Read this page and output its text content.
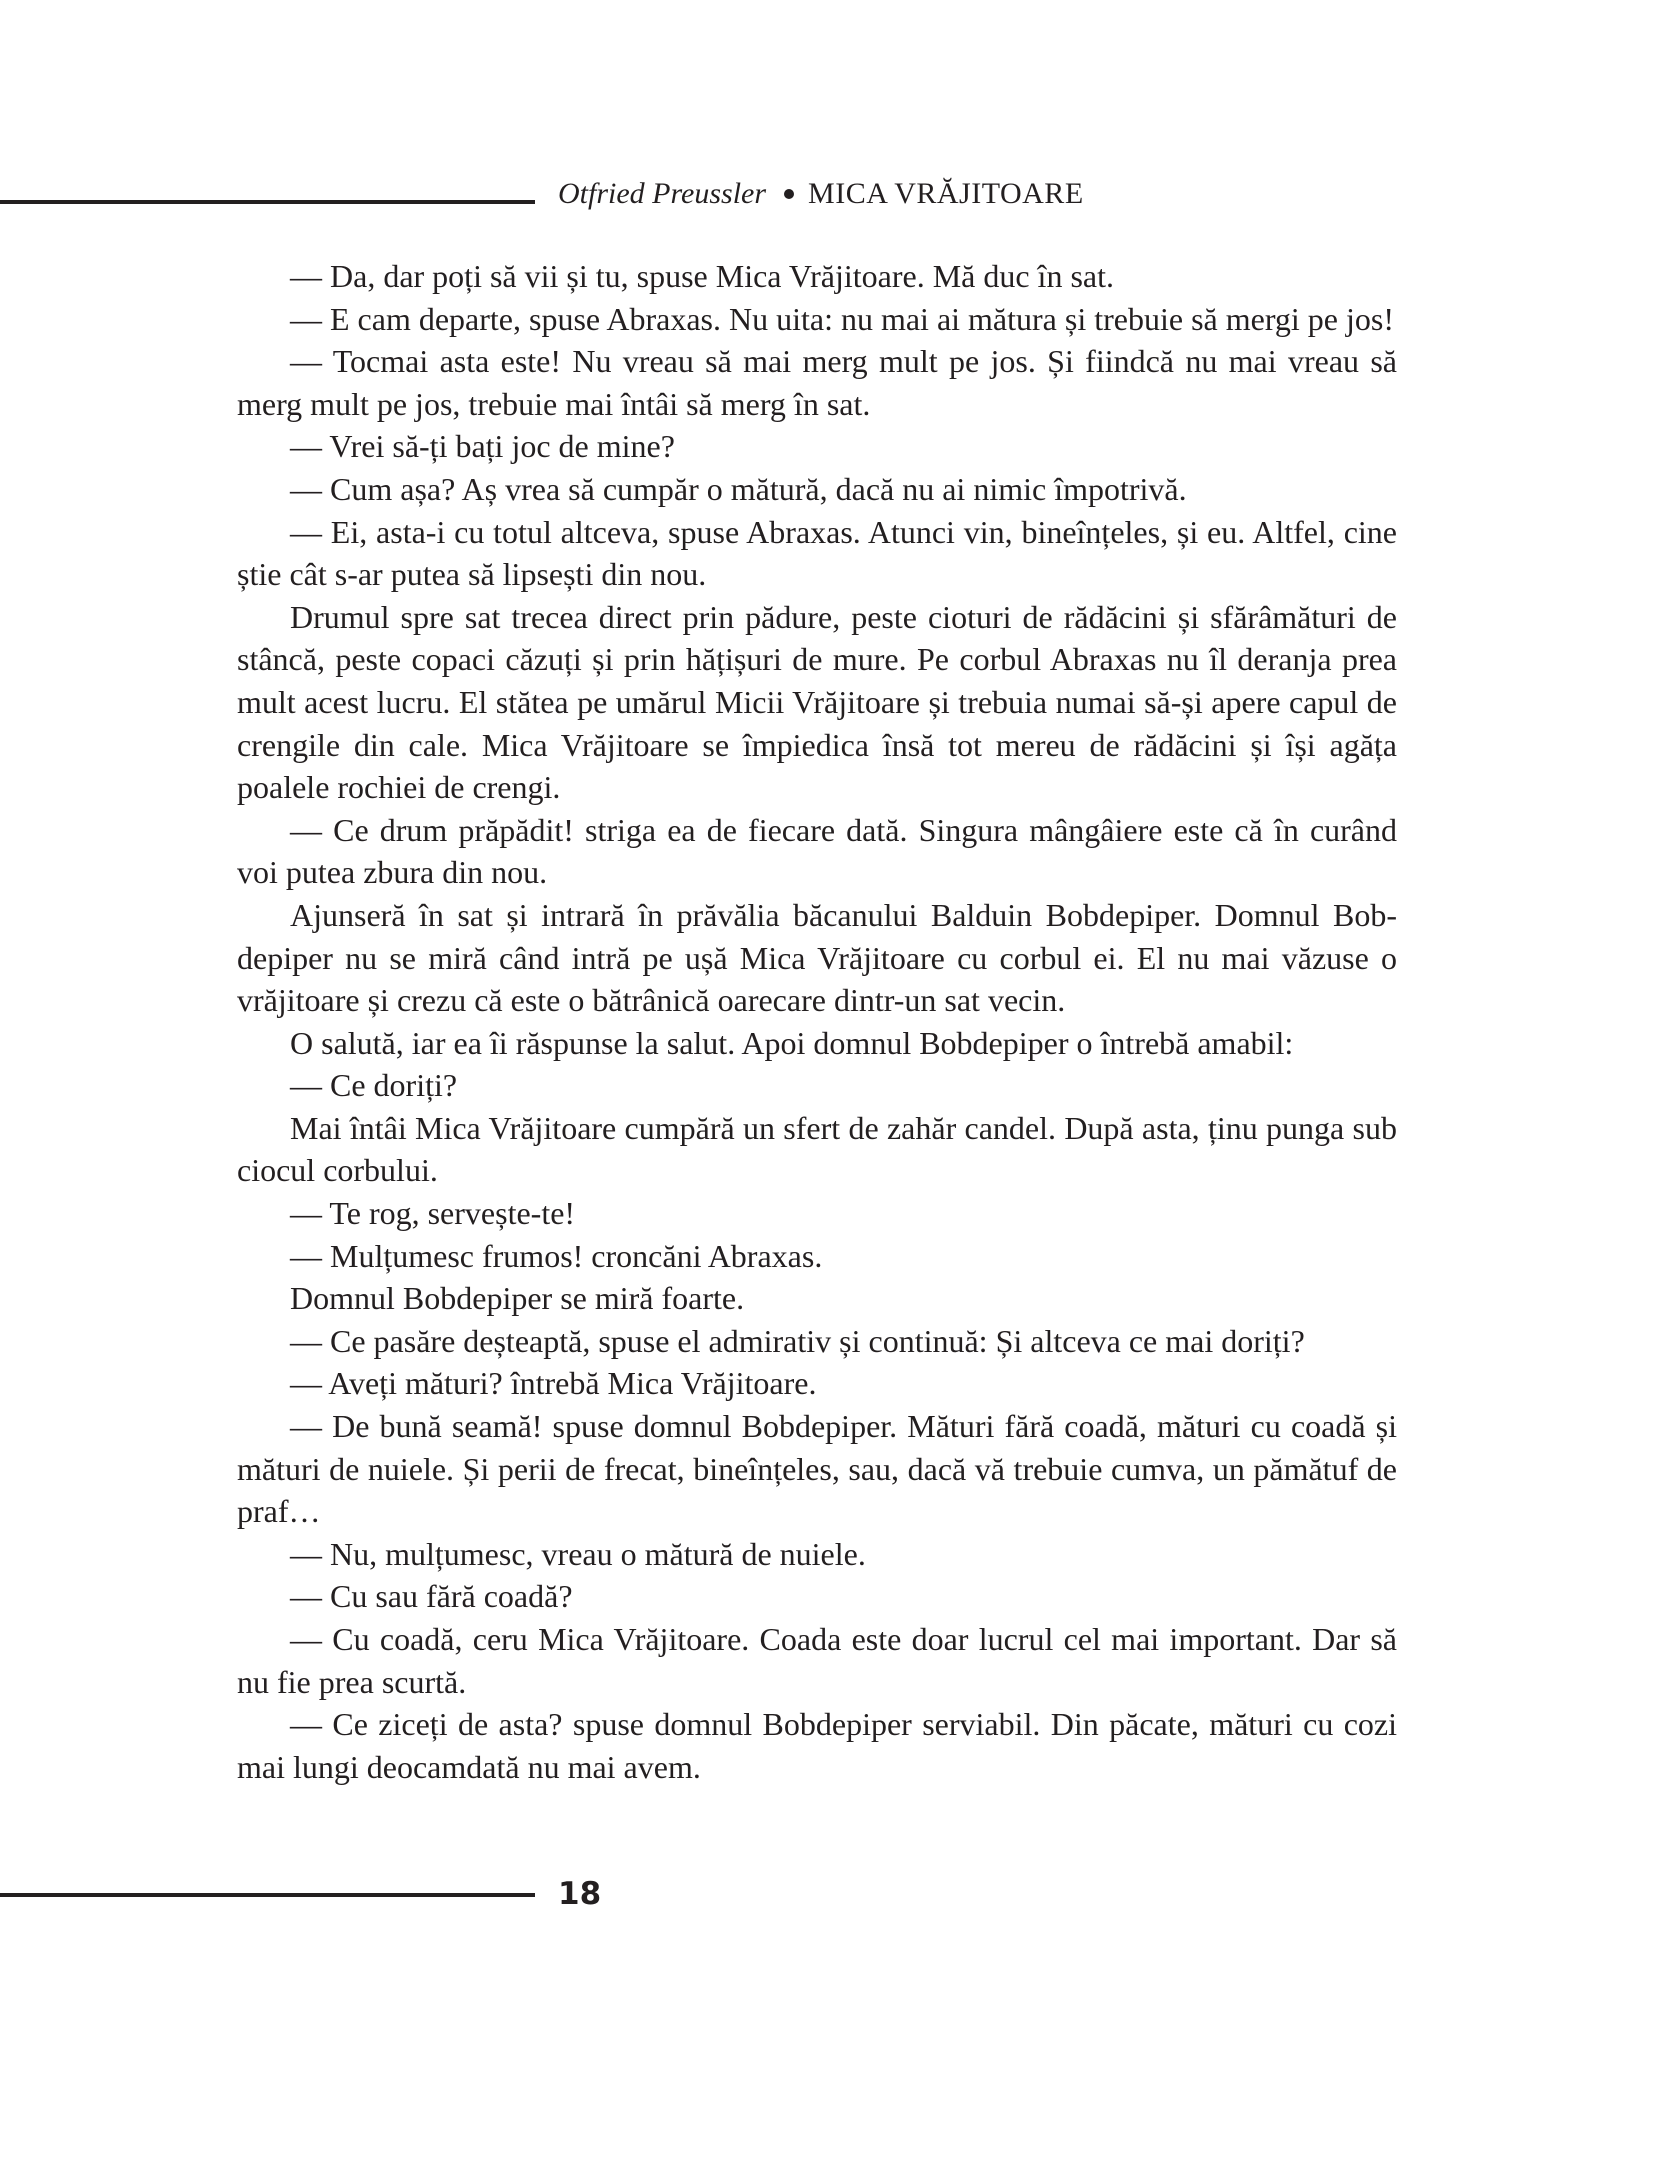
Otfried Preussler MICA VRĂJITOARE

— Da, dar poți să vii și tu, spuse Mica Vrăjitoare. Mă duc în sat.

— E cam departe, spuse Abraxas. Nu uita: nu mai ai mătura și trebuie să mergi pe jos!

— Tocmai asta este! Nu vreau să mai merg mult pe jos. Și fiindcă nu mai vreau să merg mult pe jos, trebuie mai întâi să merg în sat.

— Vrei să-ți bați joc de mine?

— Cum așa? Aș vrea să cumpăr o mătură, dacă nu ai nimic împotrivă.

— Ei, asta-i cu totul altceva, spuse Abraxas. Atunci vin, bineînțeles, și eu. Altfel, cine știe cât s-ar putea să lipsești din nou.

Drumul spre sat trecea direct prin pădure, peste cioturi de rădăcini și sfărâmături de stâncă, peste copaci căzuți și prin hățișuri de mure. Pe corbul Abraxas nu îl deranja prea mult acest lucru. El stătea pe umărul Micii Vrăjitoare și trebuia numai să-și apere capul de crengile din cale. Mica Vrăjitoare se împiedica însă tot mereu de rădăcini și își agăța poalele rochiei de crengi.

— Ce drum prăpădit! striga ea de fiecare dată. Singura mângâiere este că în curând voi putea zbura din nou.

Ajunseră în sat și intrară în prăvălia băcanului Balduin Bobdepiper. Domnul Bob-depiper nu se miră când intră pe ușă Mica Vrăjitoare cu corbul ei. El nu mai văzuse o vrăjitoare și crezu că este o bătrânică oarecare dintr-un sat vecin.

O salută, iar ea îi răspunse la salut. Apoi domnul Bobdepiper o întrebă amabil:

— Ce doriți?

Mai întâi Mica Vrăjitoare cumpără un sfert de zahăr candel. După asta, ținu punga sub ciocul corbului.

— Te rog, servește-te!

— Mulțumesc frumos! croncăni Abraxas.

Domnul Bobdepiper se miră foarte.

— Ce pasăre deșteaptă, spuse el admirativ și continuă: Și altceva ce mai doriți?

— Aveți mături? întrebă Mica Vrăjitoare.

— De bună seamă! spuse domnul Bobdepiper. Mături fără coadă, mături cu coadă și mături de nuiele. Și perii de frecat, bineînțeles, sau, dacă vă trebuie cumva, un pămătuf de praf…

— Nu, mulțumesc, vreau o mătură de nuiele.

— Cu sau fără coadă?

— Cu coadă, ceru Mica Vrăjitoare. Coada este doar lucrul cel mai important. Dar să nu fie prea scurtă.

— Ce ziceți de asta? spuse domnul Bobdepiper serviabil. Din păcate, mături cu cozi mai lungi deocamdată nu mai avem.

18
